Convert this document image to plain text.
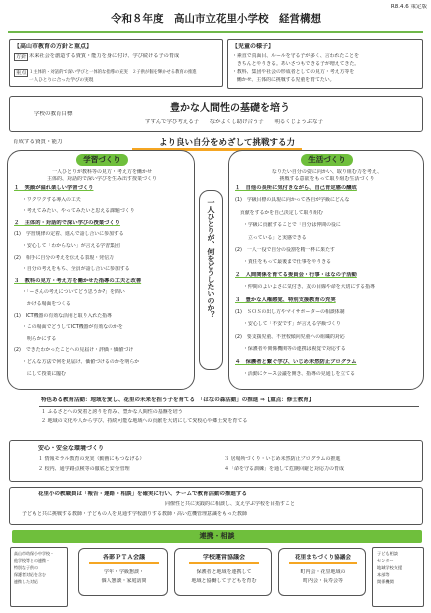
R8.4.6 策定版
令和８年度　高山市立花里小学校　経営構想
【高山市教育の方針と重点】
方針 未来社会を創造する資質・能力を身に付け、学び続ける子の育成
重点 １主体的・対話的で深い学びと一体的な指導の充実　２子供が個を輝かせる教育の推進
一人ひとりに合った学びの実現
【児童の様子】
・素直で真面目、ルールを守る子が多く、言われたことを
　きちんとやりきる。あいさつもできる子が増えてきた。
・教科、集団や社会の形成者としての見方・考え方等を
　働かせ、主体的に挑戦する児童を育てたい。
学校の教育目標	豊かな人間性の基礎を培う
すすんで学び考える子　　なかよくし助け合う子　　明るくじょうぶな子
育成する資質・能力	より良い自分をめざして挑戦する力
学習づくり
一人ひとりが教科等の見方・考え方を働かせ
主体的、対話的で深い学びを生み出す授業づくり
１　笑顔が溢れ楽しい学習づくり
・ワクワクする導入の工夫
・考えてみたい、やってみたいと思える課題づくり
２　主体的・対話的で深い学びの授業づくり
(1)　学習規律の定着、進んで話し合いに参加する
・安心して「わからない」が言える学習集団
(2)　相手に自分の考えを伝える表現・発信力
・自分の考えをもち、全員が話し合いに参加する
３　教科の見方・考え方を働かせた指導の工夫と改善
・「ーさんの考えについてどう思うか?」を問い
　かける場面をつくる
(1)　ICT機器の有効な活用と取り入れた指導
・この場面でどうしてICT機器が有効なのかを
　明らかにする
(2)　できたわかったことへの見届け・評価・価値づけ
・どんな方法で何を見届け、価値づけるのかを明らか
　にして授業に臨む
一人ひとりが、何をどうしたいのか？
生活づくり
なりたい自分の姿に向かい、取り組む力を考え、
挑戦する意欲をもって取り組む生活づくり
１　自他の長所に気付きながら、自己肯定感の醸成
(1)　学級目標の具現に向かって各自が学級にどんな
　貢献をするかを自己決定して取り組む
・学級に貢献することで「自分は仲間の役に
　立っている」と実感できる
(2)　一人一役で自分の役割を精一杯に果たす
・責任をもって最後まで仕事をやりきる
２　人間関係を育てる委員会・行事・はなの子活動
・仲間のよいよさに気付き、友の目線や命を大切にする指導
３　豊かな人権感覚、特別支援教育の充実
(1)　ＳＯＳの出し方やマイサポーターの相談体制
・安心して「不安です」が言える学級づくり
(2)　要支援児童、不登校傾向児童への組織的対応
・保護者や関係機関等の連携は視覚で対応する
４　保護者と繋ぐ学び、いじめ未然防止プログラム
・活動にケース会議を開き、指導の見通しを立てる
特色ある教育活動：地域を愛し、花里の未来を担う子を育てる　「はなの森活動」の推進 ⇒【重点：修士教育】
１ ふるさとへの愛着と誇りを育み、豊かな人間性の基盤を培う
２ 地域の文化や人から学び、持続可能な地域への貢献を大切にして愛校心や郷土愛を育てる
安心・安全な環境づくり
１ 情報モラル教育の充実（動画にもつなげる）	３ 居場所づくり・いじめ未然防止プログラムの推進
２ 校内、通学路点検等の徹底と安全管理	４「命を守る訓練」を通して危険回避と対応力の育成
花里小の教職員は「報告・連絡・相談」を確実に行い、チームで教育活動の推進する
同僚性と共に実践的に相談し、支え学ぶ学校を目指すこと
子どもと共に挑戦する教師・子どもの人を見通す学校創りする教師・高い危機管理意識をもった教師
連携・相談
高山市幼保小中学校・
他学校等との連携・
特別な子供の
保護者対応を含む
連携した対応
子ども相談
センター
地域学校支援
本部等
関係機関
各部ＰＴＡ会議
学年・学級懇談・
個人懇談・家庭訪問
学校運営協議会
保護者と地域を連携して
地域と協働して子どもを育む
花里まちづくり協議会
町内会・花里地域の
町内会・長寿会等
